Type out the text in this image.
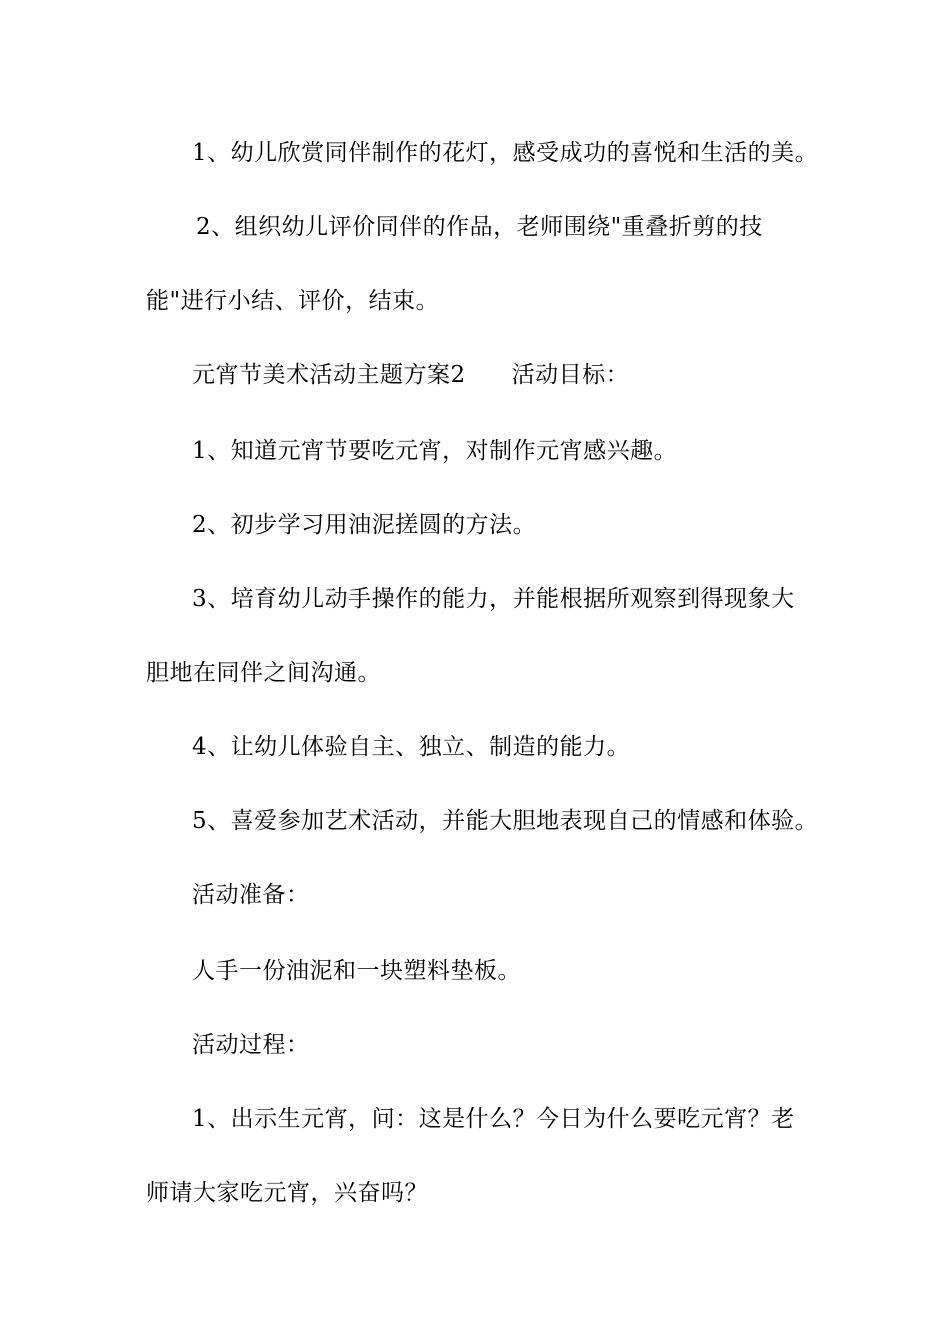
1、幼儿欣赏同伴制作的花灯，感受成功的喜悦和生活的美。
2、组织幼儿评价同伴的作品，老师围绕"重叠折剪的技
能"进行小结、评价，结束。
元宵节美术活动主题方案2 活动目标：
1、知道元宵节要吃元宵，对制作元宵感兴趣。
2、初步学习用油泥搓圆的方法。
3、培育幼儿动手操作的能力，并能根据所观察到得现象大
胆地在同伴之间沟通。
4、让幼儿体验自主、独立、制造的能力。
5、喜爱参加艺术活动，并能大胆地表现自己的情感和体验。
活动准备：
人手一份油泥和一块塑料垫板。
活动过程：
1、出示生元宵，问：这是什么？今日为什么要吃元宵？老
师请大家吃元宵，兴奋吗？
